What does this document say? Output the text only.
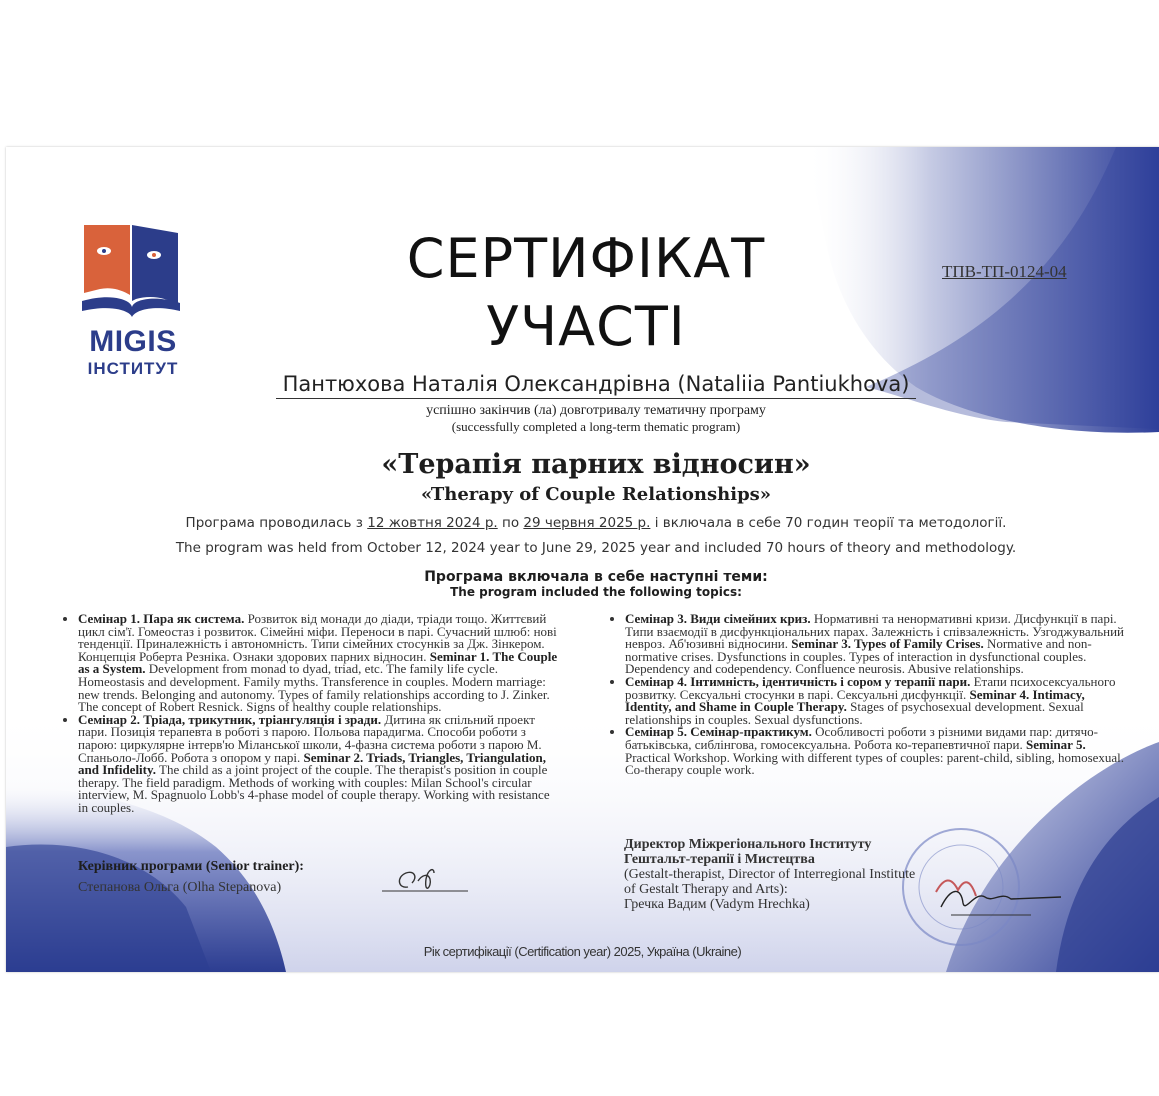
MIGIS
ІНСТИТУТ
СЕРТИФІКАТ
УЧАСТІ
ТПВ-ТП-0124-04
Пантюхова Наталія Олександрівна (Nataliia Pantiukhova)
успішно закінчив (ла) довготривалу тематичну програму
(successfully completed a long-term thematic program)
«Терапія парних відносин»
«Therapy of Couple Relationships»
Програма проводилась з 12 жовтня 2024 р. по 29 червня 2025 р. і включала в себе 70 годин теорії та методології.
The program was held from October 12, 2024 year to June 29, 2025 year and included 70 hours of theory and methodology.
Програма включала в себе наступні теми:
The program included the following topics:
• Семінар 1. Пара як система. Розвиток від монади до діади, тріади тощо. Життєвий цикл сім'ї. Гомеостаз і розвиток. Сімейні міфи. Переноси в парі. Сучасний шлюб: нові тенденції. Приналежність і автономність. Типи сімейних стосунків за Дж. Зінкером. Концепція Роберта Резніка. Ознаки здорових парних відносин. Seminar 1. The Couple as a System. Development from monad to dyad, triad, etc. The family life cycle. Homeostasis and development. Family myths. Transference in couples. Modern marriage: new trends. Belonging and autonomy. Types of family relationships according to J. Zinker. The concept of Robert Resnick. Signs of healthy couple relationships.
• Семінар 2. Тріада, трикутник, тріангуляція і зради. Дитина як спільний проект пари. Позиція терапевта в роботі з парою. Польова парадигма. Способи роботи з парою: циркулярне інтерв'ю Міланської школи, 4-фазна система роботи з парою М. Спаньоло-Лобб. Робота з опором у парі. Seminar 2. Triads, Triangles, Triangulation, and Infidelity. The child as a joint project of the couple. The therapist's position in couple therapy. The field paradigm. Methods of working with couples: Milan School's circular interview, M. Spagnuolo Lobb's 4-phase model of couple therapy. Working with resistance in couples.
• Семінар 3. Види сімейних криз. Нормативні та ненормативні кризи. Дисфункції в парі. Типи взаємодії в дисфункціональних парах. Залежність і співзалежність. Узгоджувальний невроз. Аб'юзивні відносини. Seminar 3. Types of Family Crises. Normative and non-normative crises. Dysfunctions in couples. Types of interaction in dysfunctional couples. Dependency and codependency. Confluence neurosis. Abusive relationships.
• Семінар 4. Інтимність, ідентичність і сором у терапії пари. Етапи психосексуального розвитку. Сексуальні стосунки в парі. Сексуальні дисфункції. Seminar 4. Intimacy, Identity, and Shame in Couple Therapy. Stages of psychosexual development. Sexual relationships in couples. Sexual dysfunctions.
• Семінар 5. Семінар-практикум. Особливості роботи з різними видами пар: дитячо-батьківська, сиблінгова, гомосексуальна. Робота ко-терапевтичної пари. Seminar 5. Practical Workshop. Working with different types of couples: parent-child, sibling, homosexual. Co-therapy couple work.
Керівник програми (Senior trainer):
Степанова Ольга (Olha Stepanova)
Директор Міжрегіонального Інституту Гештальт-терапії і Мистецтва
(Gestalt-therapist, Director of Interregional Institute of Gestalt Therapy and Arts):
Гречка Вадим (Vadym Hrechka)
Рік сертифікації (Certification year) 2025, Україна (Ukraine)
